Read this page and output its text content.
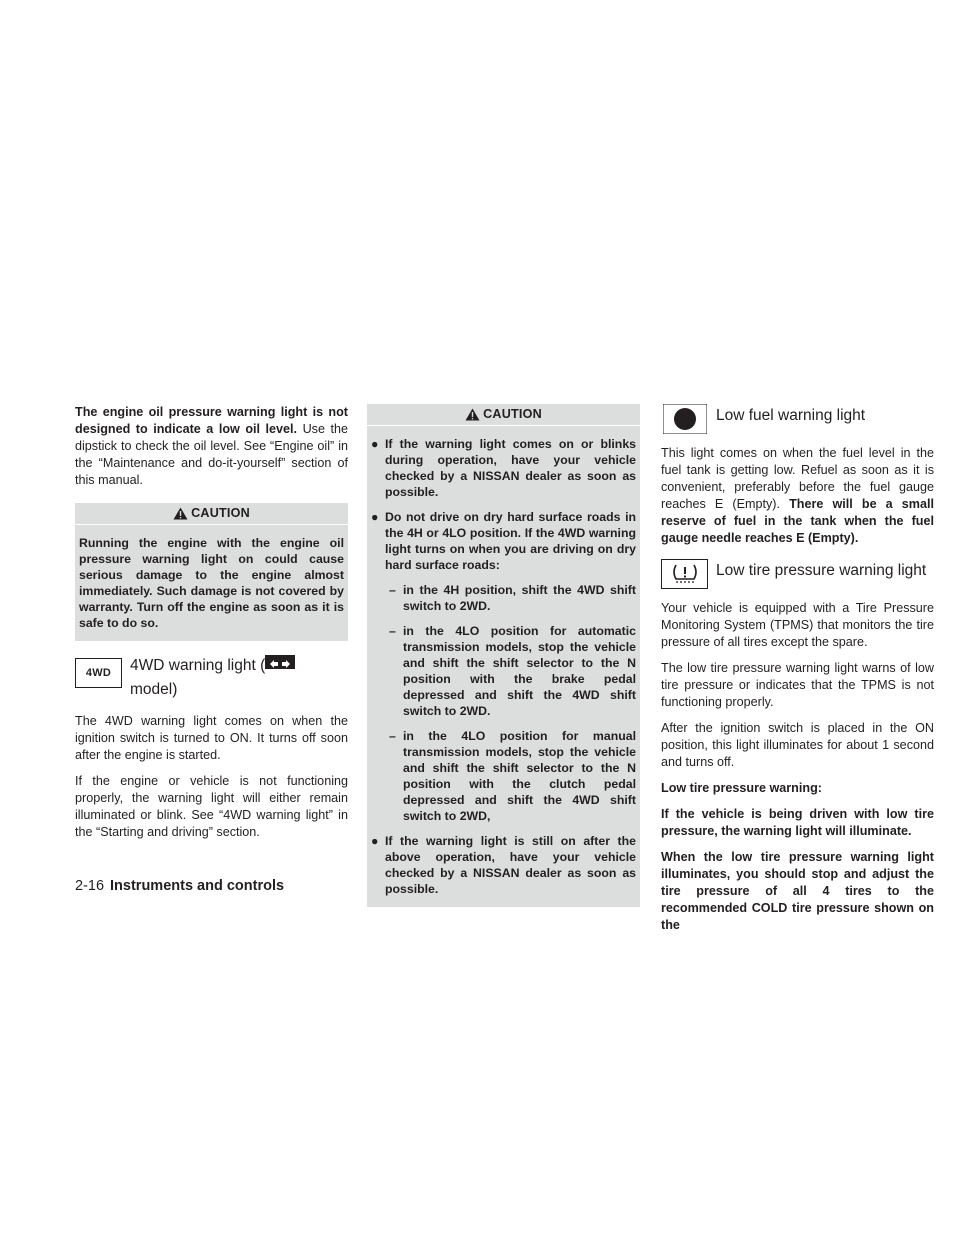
The engine oil pressure warning light is not designed to indicate a low oil level. Use the dipstick to check the oil level. See “Engine oil” in the “Maintenance and do-it-yourself” section of this manual.

CAUTION
Running the engine with the engine oil pressure warning light on could cause serious damage to the engine almost immediately. Such damage is not covered by warranty. Turn off the engine as soon as it is safe to do so.
4WD 4WD warning light (
model)

The 4WD warning light comes on when the ignition switch is turned to ON. It turns off soon after the engine is started.

If the engine or vehicle is not functioning properly, the warning light will either remain illuminated or blink. See “4WD warning light” in the “Starting and driving” section.

CAUTION
● If the warning light comes on or blinks during operation, have your vehicle checked by a NISSAN dealer as soon as possible.
● Do not drive on dry hard surface roads in the 4H or 4LO position. If the 4WD warning light turns on when you are driving on dry hard surface roads:
– in the 4H position, shift the 4WD shift switch to 2WD.
– in the 4LO position for automatic transmission models, stop the vehicle and shift the shift selector to the N position with the brake pedal depressed and shift the 4WD shift switch to 2WD.
– in the 4LO position for manual transmission models, stop the vehicle and shift the shift selector to the N position with the clutch pedal depressed and shift the 4WD shift switch to 2WD,
● If the warning light is still on after the above operation, have your vehicle checked by a NISSAN dealer as soon as possible.
Low fuel warning light

This light comes on when the fuel level in the fuel tank is getting low. Refuel as soon as it is convenient, preferably before the fuel gauge reaches E (Empty). There will be a small reserve of fuel in the tank when the fuel gauge needle reaches E (Empty).

Low tire pressure warning light

Your vehicle is equipped with a Tire Pressure Monitoring System (TPMS) that monitors the tire pressure of all tires except the spare.

The low tire pressure warning light warns of low tire pressure or indicates that the TPMS is not functioning properly.

After the ignition switch is placed in the ON position, this light illuminates for about 1 second and turns off.

Low tire pressure warning:

If the vehicle is being driven with low tire pressure, the warning light will illuminate.

When the low tire pressure warning light illuminates, you should stop and adjust the tire pressure of all 4 tires to the recommended COLD tire pressure shown on the

2-16 Instruments and controls
